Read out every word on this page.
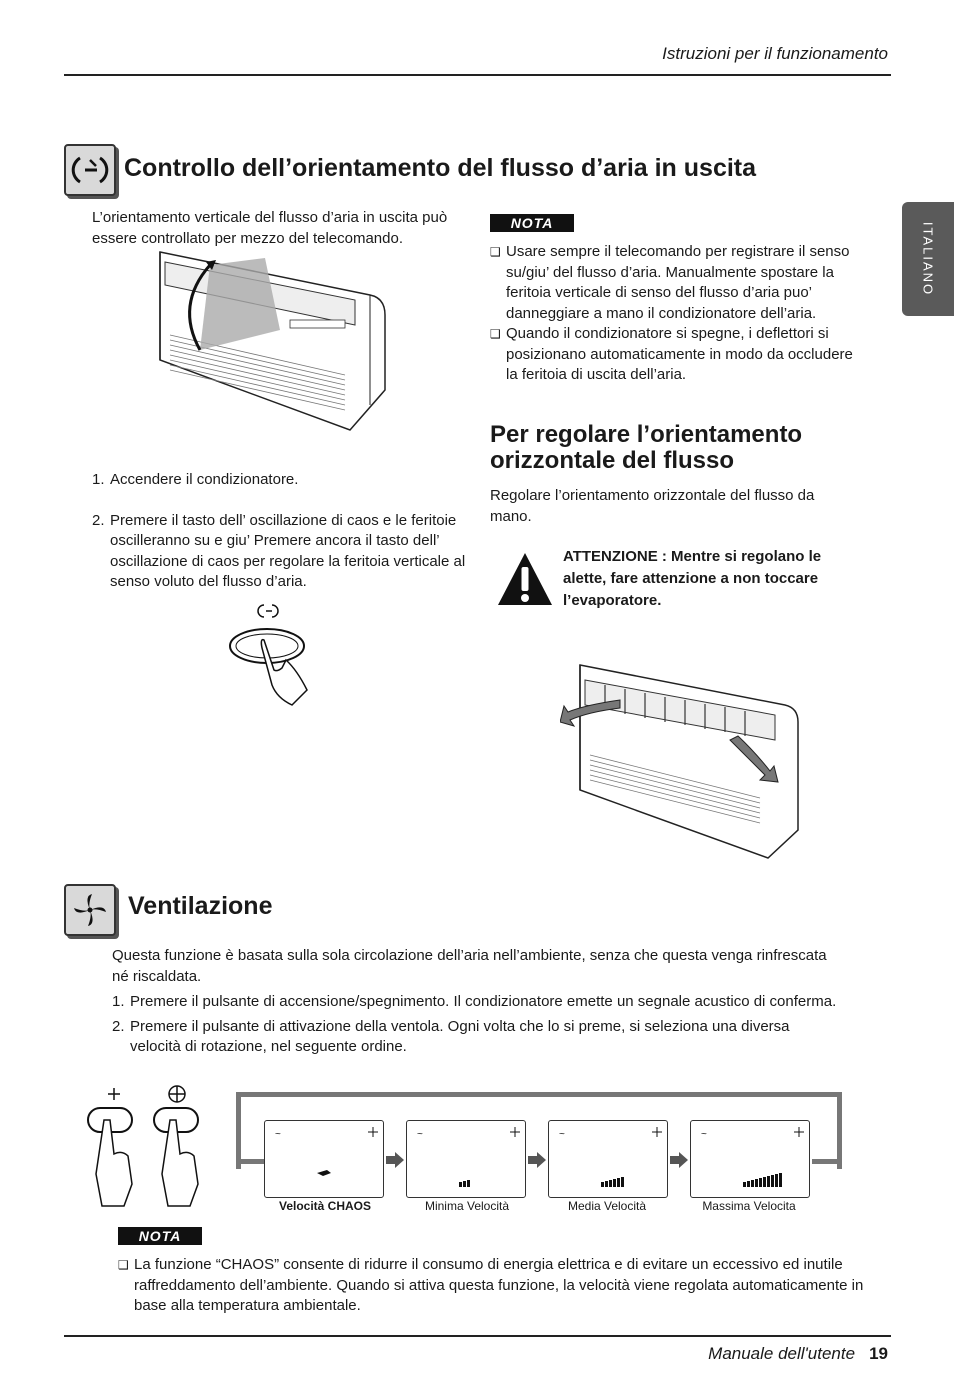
Istruzioni per il funzionamento
ITALIANO
Controllo dell’orientamento del flusso d’aria in uscita

L’orientamento verticale del flusso d’aria in uscita può essere controllato per mezzo del telecomando.

1. Accendere il condizionatore.
2. Premere il tasto dell’ oscillazione di caos e le feritoie oscilleranno su e giu’ Premere ancora il tasto dell’ oscillazione di caos per regolare la feritoia verticale al senso voluto del flusso d’aria.
NOTA
❑ Usare sempre il telecomando per registrare il senso su/giu’ del flusso d’aria. Manualmente spostare la feritoia verticale di senso del flusso d’aria puo’ danneggiare a mano il condizionatore dell’aria.
❑ Quando il condizionatore si spegne, i deflettori si posizionano automaticamente in modo da occludere la feritoia di uscita dell’aria.
Per regolare l’orientamento orizzontale del flusso

Regolare l’orientamento orizzontale del flusso da mano.

ATTENZIONE : Mentre si regolano le alette, fare attenzione a non toccare l’evaporatore.
Ventilazione

Questa funzione è basata sulla sola circolazione dell’aria nell’ambiente, senza che questa venga rinfrescata né riscaldata.

1. Premere il pulsante di accensione/spegnimento. Il condizionatore emette un segnale acustico di conferma.
2. Premere il pulsante di attivazione della ventola. Ogni volta che lo si preme, si seleziona una diversa velocità di rotazione, nel seguente ordine.
~	~	~	~
Velocità CHAOS	Minima Velocità	Media Velocità	Massima Velocita
NOTA
❑ La funzione “CHAOS” consente di ridurre il consumo di energia elettrica e di evitare un eccessivo ed inutile raffreddamento dell’ambiente. Quando si attiva questa funzione, la velocità viene regolata automaticamente in base alla temperatura ambientale.
Manuale dell'utente 19
